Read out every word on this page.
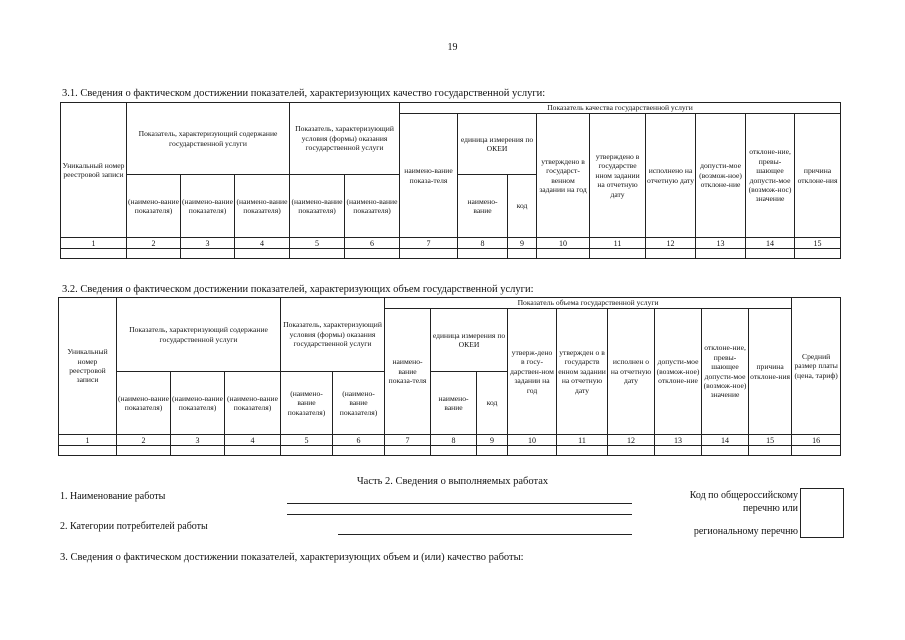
19
3.1. Сведения о фактическом достижении показателей, характеризующих качество государственной услуги:
Уникальный номер реестровой записи	Показатель, характеризующий содержание государственной услуги			Показатель, характеризующий условия (формы) оказания государственной услуги		Показатель качества государственной услуги								
						наимено-вание показа-теля	единица измерения по ОКЕИ		утверждено в государст-венном задании на год	утверждено в государстве нном задании на отчетную дату	исполнено на отчетную дату	допусти-мое (возмож-ное) отклоне-ние	отклоне-ние, превы-шающее допусти-мое (возмож-нос) значение	причина отклоне-ния
	(наимено-вание показателя)	(наимено-вание показателя)	(наимено-вание показателя)	(наимено-вание показателя)	(наимено-вание показателя)		наимено-вание	код						
1	2	3	4	5	6	7	8	9	10	11	12	13	14	15

3.2. Сведения о фактическом достижении показателей, характеризующих объем государственной услуги:
Уникальный номер реестровой записи	Показатель, характеризующий содержание государственной услуги			Показатель, характеризующий условия (формы) оказания государственной услуги		Показатель объема государственной услуги									Средний размер платы (цена, тариф)
						наимено-вание показа-теля	единица измерения по ОКЕИ		утверж-дено в госу-дарствен-ном задании на год	утвержден о в государств енном задании на отчетную дату	исполнен о на отчетную дату	допусти-мое (возмож-ное) отклоне-ние	отклоне-ние, превы-шающее допусти-мое (возмож-ное) значение	причина отклоне-ния	
	(наимено-вание показателя)	(наимено-вание показателя)	(наимено-вание показателя)	(наимено-вание показателя)	(наимено-вание показателя)		наимено-вание	код							
1	2	3	4	5	6	7	8	9	10	11	12	13	14	15	16

Часть 2. Сведения о выполняемых работах
1. Наименование работы
2. Категории потребителей работы
Код по общероссийскому
перечню или
региональному перечню
3. Сведения о фактическом достижении показателей, характеризующих объем и (или) качество работы:
